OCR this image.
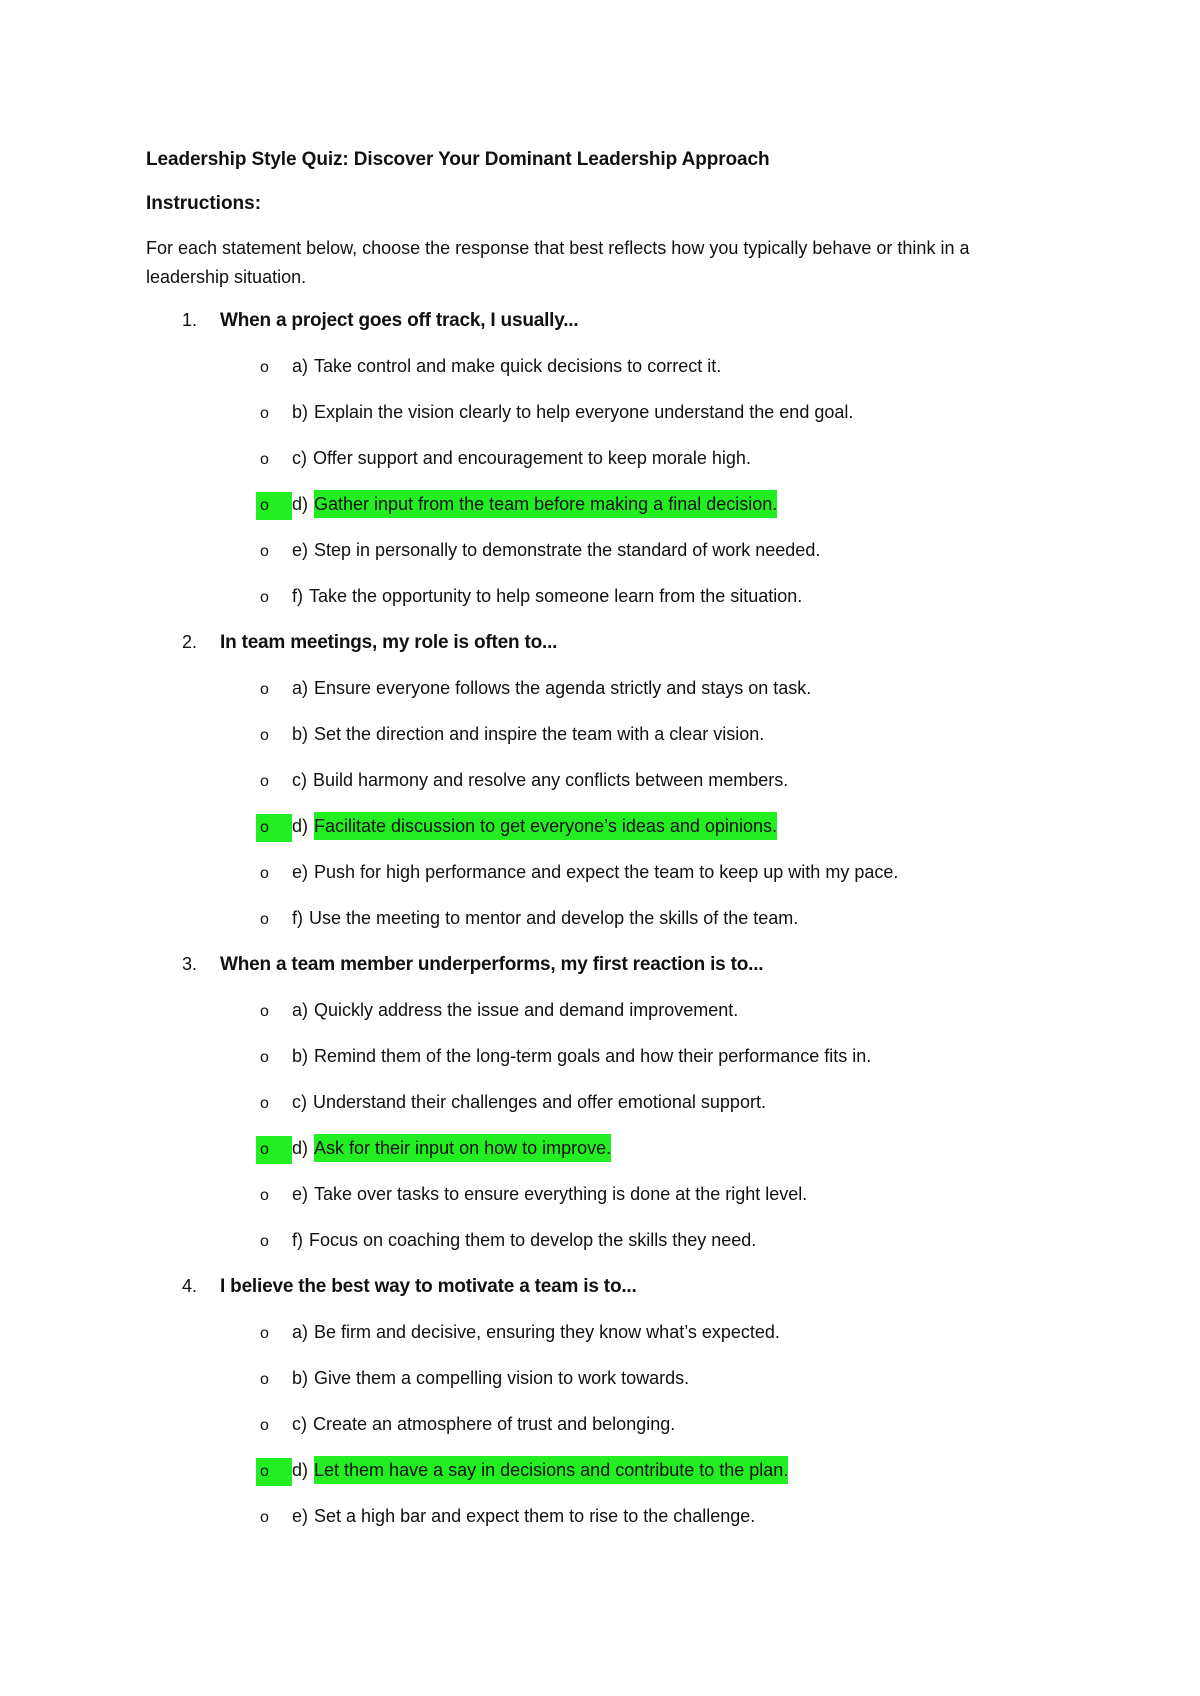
Leadership Style Quiz: Discover Your Dominant Leadership Approach
Instructions:
For each statement below, choose the response that best reflects how you typically behave or think in a leadership situation.
1.	When a project goes off track, I usually...
o	a) Take control and make quick decisions to correct it.
o	b) Explain the vision clearly to help everyone understand the end goal.
o	c) Offer support and encouragement to keep morale high.
o	d) Gather input from the team before making a final decision.
o	e) Step in personally to demonstrate the standard of work needed.
o	f) Take the opportunity to help someone learn from the situation.
2.	In team meetings, my role is often to...
o	a) Ensure everyone follows the agenda strictly and stays on task.
o	b) Set the direction and inspire the team with a clear vision.
o	c) Build harmony and resolve any conflicts between members.
o	d) Facilitate discussion to get everyone’s ideas and opinions.
o	e) Push for high performance and expect the team to keep up with my pace.
o	f) Use the meeting to mentor and develop the skills of the team.
3.	When a team member underperforms, my first reaction is to...
o	a) Quickly address the issue and demand improvement.
o	b) Remind them of the long-term goals and how their performance fits in.
o	c) Understand their challenges and offer emotional support.
o	d) Ask for their input on how to improve.
o	e) Take over tasks to ensure everything is done at the right level.
o	f) Focus on coaching them to develop the skills they need.
4.	I believe the best way to motivate a team is to...
o	a) Be firm and decisive, ensuring they know what’s expected.
o	b) Give them a compelling vision to work towards.
o	c) Create an atmosphere of trust and belonging.
o	d) Let them have a say in decisions and contribute to the plan.
o	e) Set a high bar and expect them to rise to the challenge.
